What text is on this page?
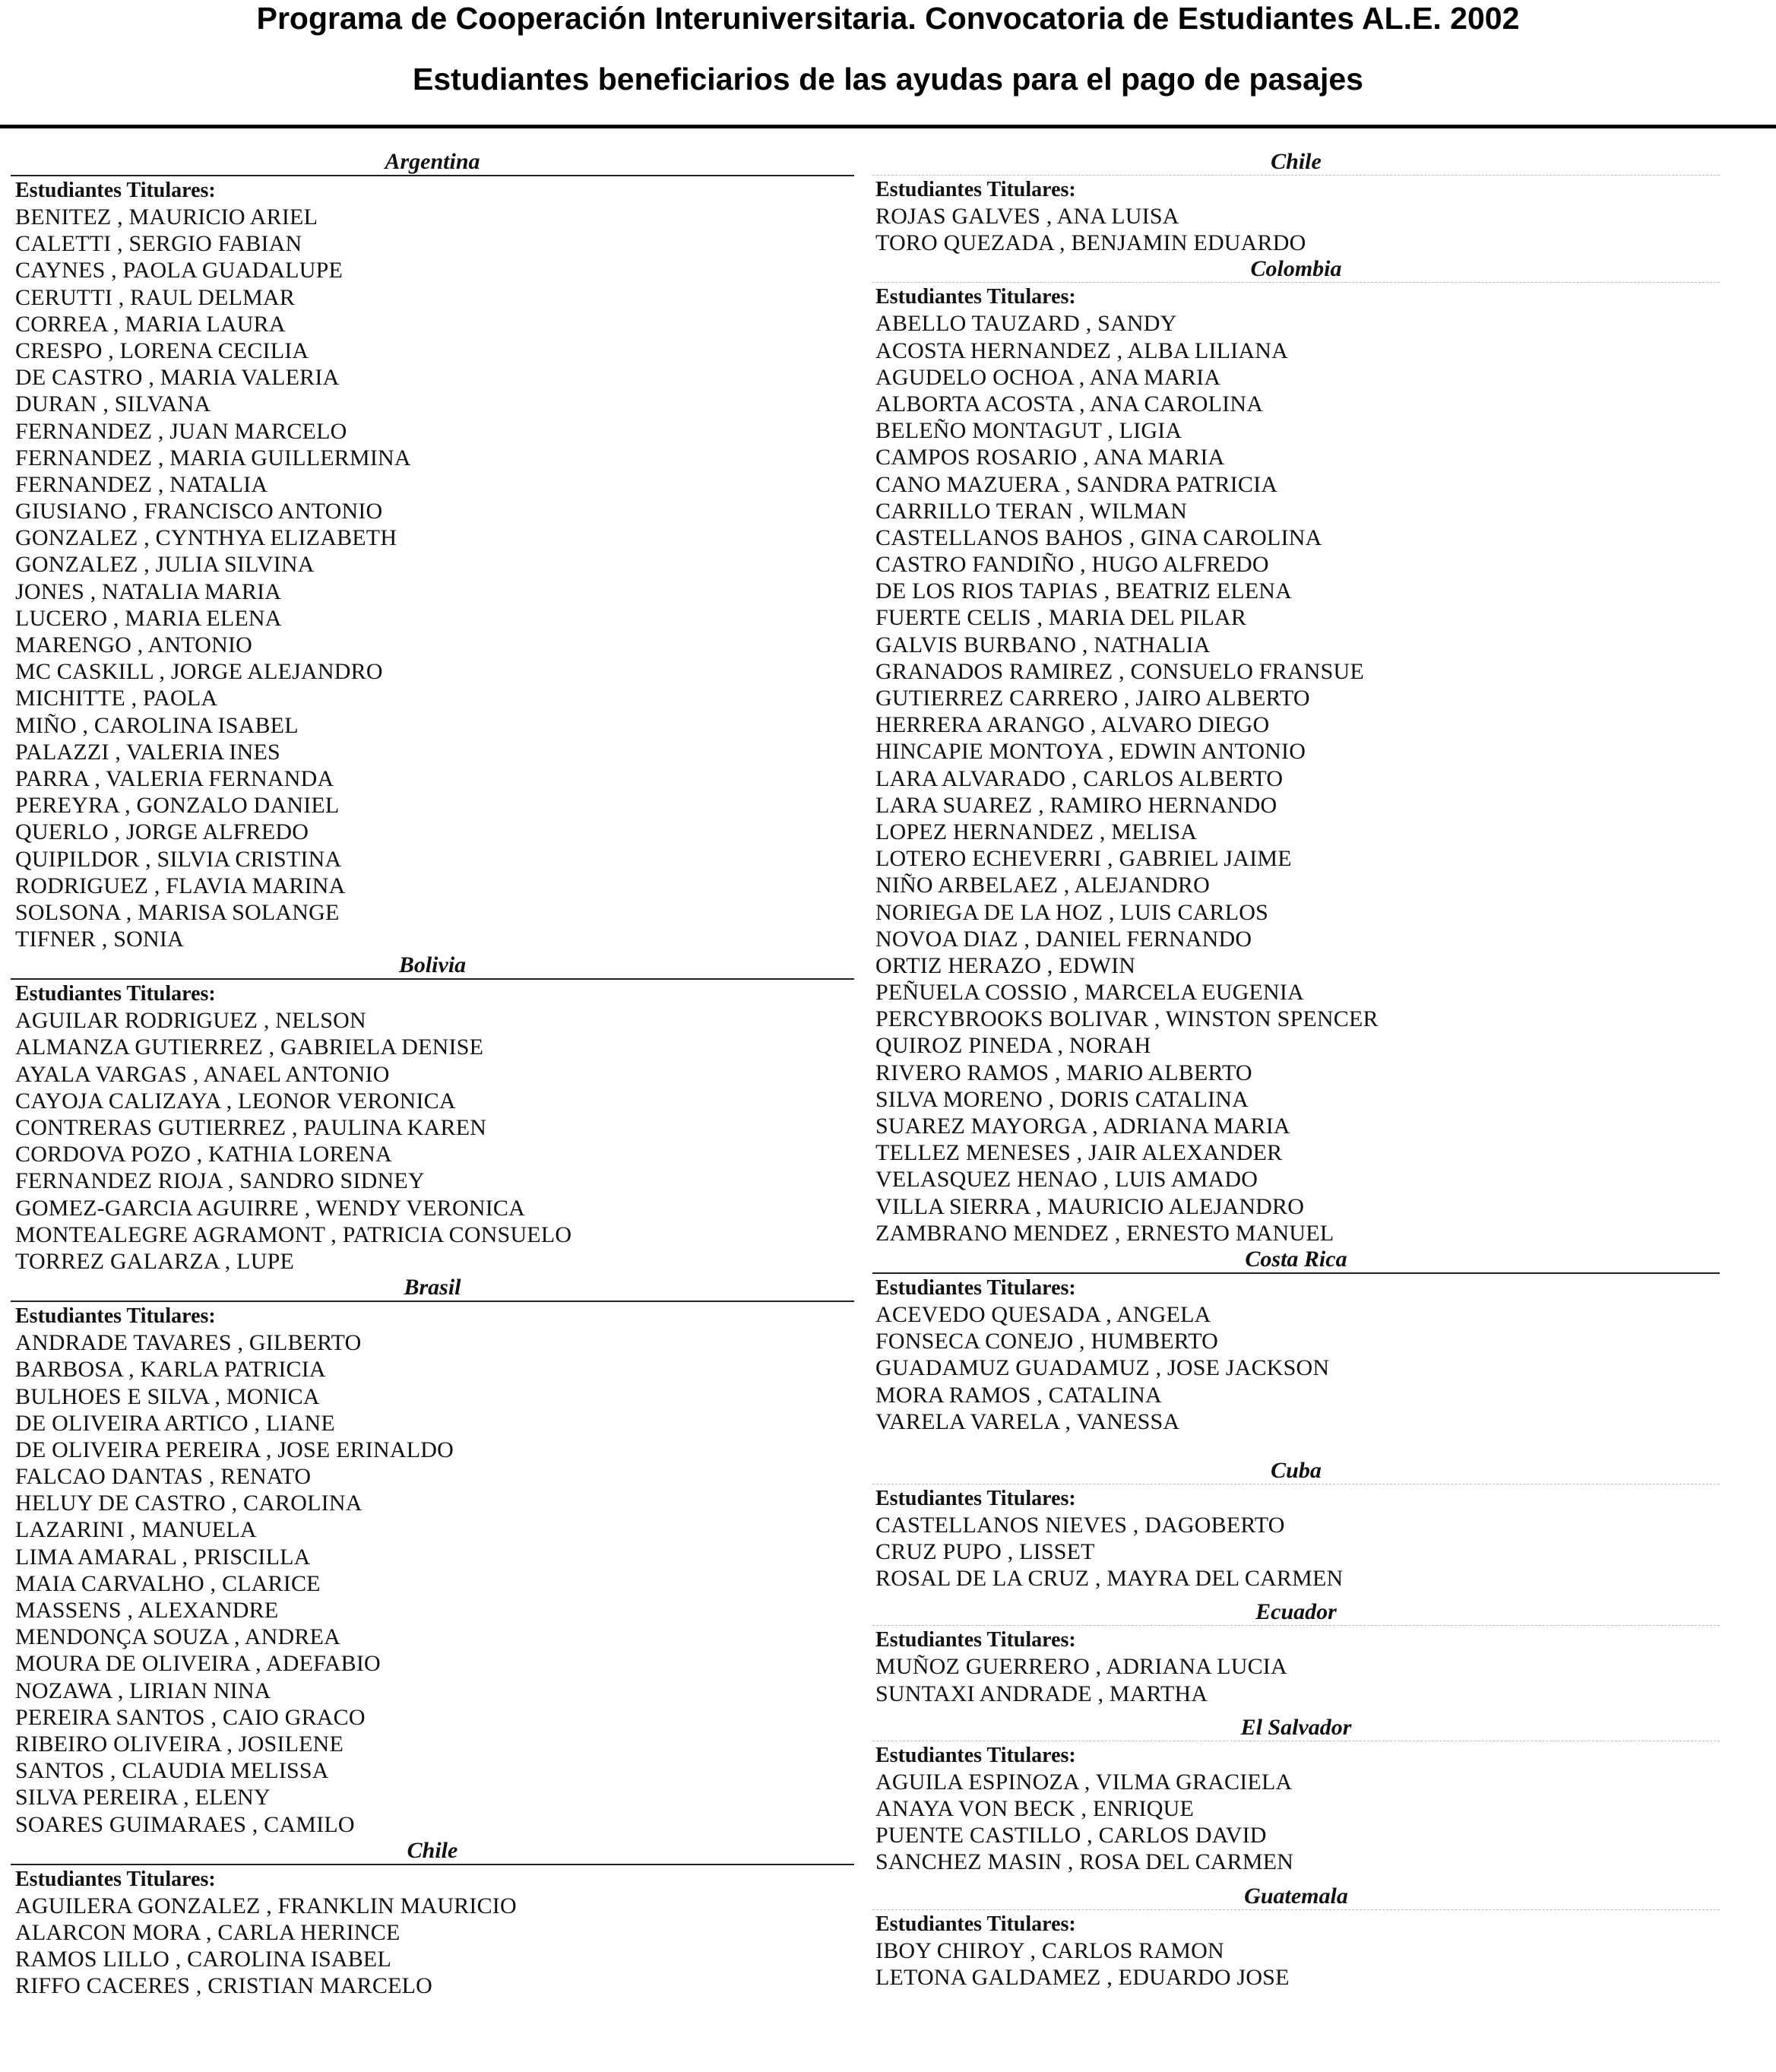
Programa de Cooperación Interuniversitaria. Convocatoria de Estudiantes AL.E. 2002
Estudiantes beneficiarios de las ayudas para el pago de pasajes
Argentina
Estudiantes Titulares:
BENITEZ , MAURICIO ARIEL
CALETTI , SERGIO FABIAN
CAYNES , PAOLA GUADALUPE
CERUTTI , RAUL DELMAR
CORREA , MARIA LAURA
CRESPO , LORENA CECILIA
DE CASTRO , MARIA VALERIA
DURAN , SILVANA
FERNANDEZ , JUAN MARCELO
FERNANDEZ , MARIA GUILLERMINA
FERNANDEZ , NATALIA
GIUSIANO , FRANCISCO ANTONIO
GONZALEZ , CYNTHYA ELIZABETH
GONZALEZ , JULIA SILVINA
JONES , NATALIA MARIA
LUCERO , MARIA ELENA
MARENGO , ANTONIO
MC CASKILL , JORGE ALEJANDRO
MICHITTE , PAOLA
MIÑO , CAROLINA ISABEL
PALAZZI , VALERIA INES
PARRA , VALERIA FERNANDA
PEREYRA , GONZALO DANIEL
QUERLO , JORGE ALFREDO
QUIPILDOR , SILVIA CRISTINA
RODRIGUEZ , FLAVIA MARINA
SOLSONA , MARISA SOLANGE
TIFNER , SONIA
Bolivia
Estudiantes Titulares:
AGUILAR RODRIGUEZ , NELSON
ALMANZA GUTIERREZ , GABRIELA DENISE
AYALA VARGAS , ANAEL ANTONIO
CAYOJA CALIZAYA , LEONOR VERONICA
CONTRERAS GUTIERREZ , PAULINA KAREN
CORDOVA POZO , KATHIA LORENA
FERNANDEZ RIOJA , SANDRO SIDNEY
GOMEZ-GARCIA AGUIRRE , WENDY VERONICA
MONTEALEGRE AGRAMONT , PATRICIA CONSUELO
TORREZ GALARZA , LUPE
Brasil
Estudiantes Titulares:
ANDRADE TAVARES , GILBERTO
BARBOSA , KARLA PATRICIA
BULHOES E SILVA , MONICA
DE OLIVEIRA ARTICO , LIANE
DE OLIVEIRA PEREIRA , JOSE ERINALDO
FALCAO DANTAS , RENATO
HELUY DE CASTRO , CAROLINA
LAZARINI , MANUELA
LIMA AMARAL , PRISCILLA
MAIA CARVALHO , CLARICE
MASSENS , ALEXANDRE
MENDONÇA SOUZA , ANDREA
MOURA DE OLIVEIRA , ADEFABIO
NOZAWA , LIRIAN NINA
PEREIRA SANTOS , CAIO GRACO
RIBEIRO OLIVEIRA , JOSILENE
SANTOS , CLAUDIA MELISSA
SILVA PEREIRA , ELENY
SOARES GUIMARAES , CAMILO
Chile
Estudiantes Titulares:
AGUILERA GONZALEZ , FRANKLIN MAURICIO
ALARCON MORA , CARLA HERINCE
RAMOS LILLO , CAROLINA ISABEL
RIFFO CACERES , CRISTIAN MARCELO
Chile
Estudiantes Titulares:
ROJAS GALVES , ANA LUISA
TORO QUEZADA , BENJAMIN EDUARDO
Colombia
Estudiantes Titulares:
ABELLO TAUZARD , SANDY
ACOSTA HERNANDEZ , ALBA LILIANA
AGUDELO OCHOA , ANA MARIA
ALBORTA ACOSTA , ANA CAROLINA
BELEÑO MONTAGUT , LIGIA
CAMPOS ROSARIO , ANA MARIA
CANO MAZUERA , SANDRA PATRICIA
CARRILLO TERAN , WILMAN
CASTELLANOS BAHOS , GINA CAROLINA
CASTRO FANDIÑO , HUGO ALFREDO
DE LOS RIOS TAPIAS , BEATRIZ ELENA
FUERTE CELIS , MARIA DEL PILAR
GALVIS BURBANO , NATHALIA
GRANADOS RAMIREZ , CONSUELO FRANSUE
GUTIERREZ CARRERO , JAIRO ALBERTO
HERRERA ARANGO , ALVARO DIEGO
HINCAPIE MONTOYA , EDWIN ANTONIO
LARA ALVARADO , CARLOS ALBERTO
LARA SUAREZ , RAMIRO HERNANDO
LOPEZ HERNANDEZ , MELISA
LOTERO ECHEVERRI , GABRIEL JAIME
NIÑO ARBELAEZ , ALEJANDRO
NORIEGA DE LA HOZ , LUIS CARLOS
NOVOA DIAZ , DANIEL FERNANDO
ORTIZ HERAZO , EDWIN
PEÑUELA COSSIO , MARCELA EUGENIA
PERCYBROOKS BOLIVAR , WINSTON SPENCER
QUIROZ PINEDA , NORAH
RIVERO RAMOS , MARIO ALBERTO
SILVA MORENO , DORIS CATALINA
SUAREZ MAYORGA , ADRIANA MARIA
TELLEZ MENESES , JAIR ALEXANDER
VELASQUEZ HENAO , LUIS AMADO
VILLA SIERRA , MAURICIO ALEJANDRO
ZAMBRANO MENDEZ , ERNESTO MANUEL
Costa Rica
Estudiantes Titulares:
ACEVEDO QUESADA , ANGELA
FONSECA CONEJO , HUMBERTO
GUADAMUZ GUADAMUZ , JOSE JACKSON
MORA RAMOS , CATALINA
VARELA VARELA , VANESSA
Cuba
Estudiantes Titulares:
CASTELLANOS NIEVES , DAGOBERTO
CRUZ PUPO , LISSET
ROSAL DE LA CRUZ , MAYRA DEL CARMEN
Ecuador
Estudiantes Titulares:
MUÑOZ GUERRERO , ADRIANA LUCIA
SUNTAXI ANDRADE , MARTHA
El Salvador
Estudiantes Titulares:
AGUILA ESPINOZA , VILMA GRACIELA
ANAYA VON BECK , ENRIQUE
PUENTE CASTILLO , CARLOS DAVID
SANCHEZ MASIN , ROSA DEL CARMEN
Guatemala
Estudiantes Titulares:
IBOY CHIROY , CARLOS RAMON
LETONA GALDAMEZ , EDUARDO JOSE
